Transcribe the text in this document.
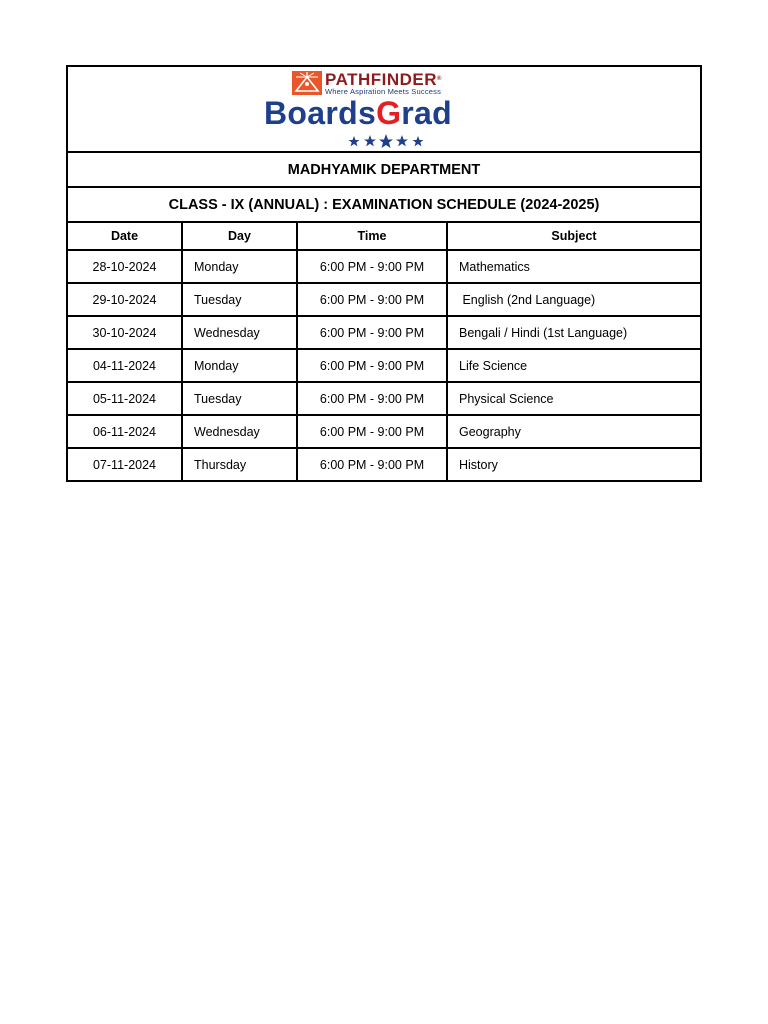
PATHFINDER®
Where Aspiration Meets Success
BoardsGrad
MADHYAMIK DEPARTMENT
CLASS - IX (ANNUAL) : EXAMINATION SCHEDULE (2024-2025)
Date	Day	Time	Subject
28-10-2024	Monday	6:00 PM - 9:00 PM	Mathematics
29-10-2024	Tuesday	6:00 PM - 9:00 PM	English (2nd Language)
30-10-2024	Wednesday	6:00 PM - 9:00 PM	Bengali / Hindi (1st Language)
04-11-2024	Monday	6:00 PM - 9:00 PM	Life Science
05-11-2024	Tuesday	6:00 PM - 9:00 PM	Physical Science
06-11-2024	Wednesday	6:00 PM - 9:00 PM	Geography
07-11-2024	Thursday	6:00 PM - 9:00 PM	History
